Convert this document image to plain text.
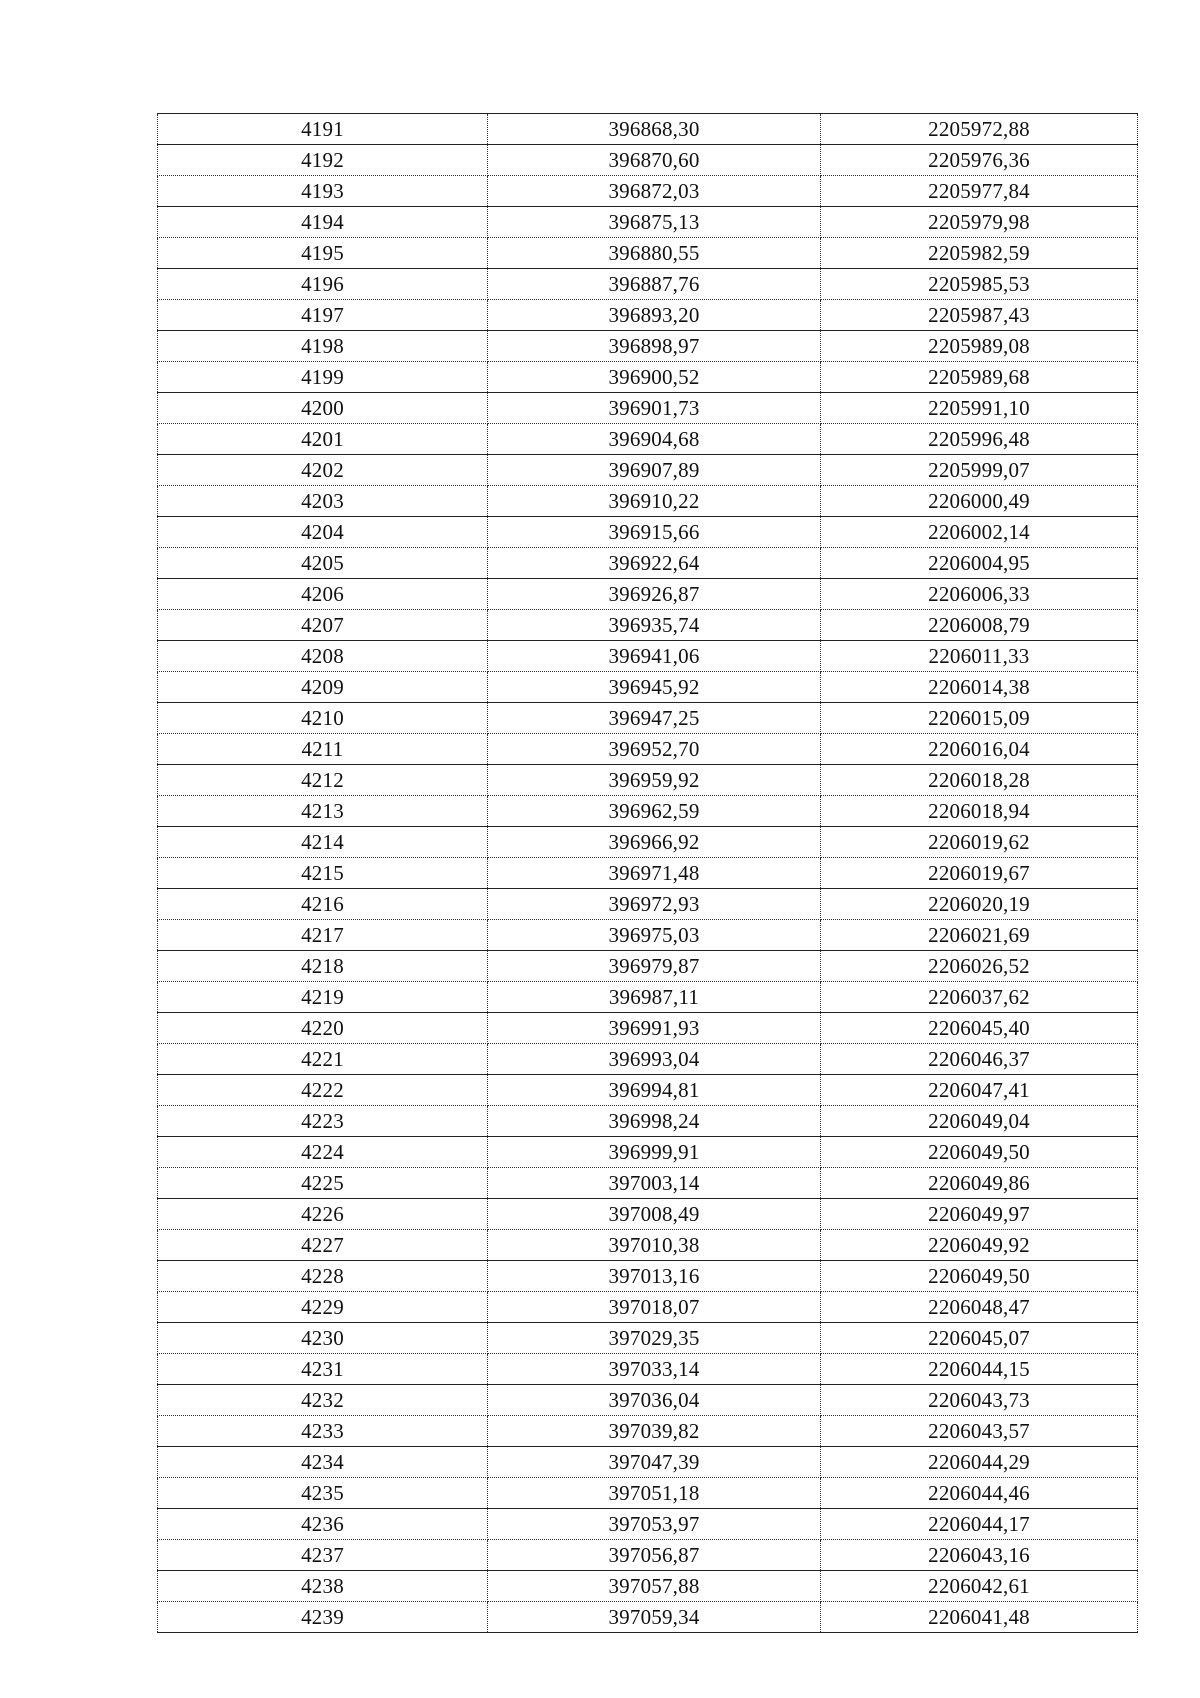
4191	396868,30	2205972,88
4192	396870,60	2205976,36
4193	396872,03	2205977,84
4194	396875,13	2205979,98
4195	396880,55	2205982,59
4196	396887,76	2205985,53
4197	396893,20	2205987,43
4198	396898,97	2205989,08
4199	396900,52	2205989,68
4200	396901,73	2205991,10
4201	396904,68	2205996,48
4202	396907,89	2205999,07
4203	396910,22	2206000,49
4204	396915,66	2206002,14
4205	396922,64	2206004,95
4206	396926,87	2206006,33
4207	396935,74	2206008,79
4208	396941,06	2206011,33
4209	396945,92	2206014,38
4210	396947,25	2206015,09
4211	396952,70	2206016,04
4212	396959,92	2206018,28
4213	396962,59	2206018,94
4214	396966,92	2206019,62
4215	396971,48	2206019,67
4216	396972,93	2206020,19
4217	396975,03	2206021,69
4218	396979,87	2206026,52
4219	396987,11	2206037,62
4220	396991,93	2206045,40
4221	396993,04	2206046,37
4222	396994,81	2206047,41
4223	396998,24	2206049,04
4224	396999,91	2206049,50
4225	397003,14	2206049,86
4226	397008,49	2206049,97
4227	397010,38	2206049,92
4228	397013,16	2206049,50
4229	397018,07	2206048,47
4230	397029,35	2206045,07
4231	397033,14	2206044,15
4232	397036,04	2206043,73
4233	397039,82	2206043,57
4234	397047,39	2206044,29
4235	397051,18	2206044,46
4236	397053,97	2206044,17
4237	397056,87	2206043,16
4238	397057,88	2206042,61
4239	397059,34	2206041,48
